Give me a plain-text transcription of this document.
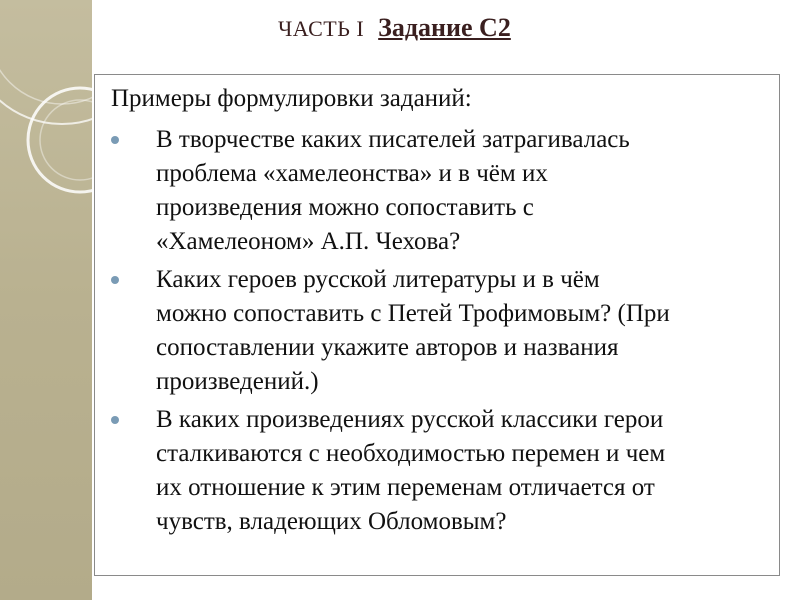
ЧАСТЬ I Задание С2
Примеры формулировки заданий:
В творчестве каких писателей затрагивалась
проблема «хамелеонства» и в чём их
произведения можно сопоставить с
«Хамелеоном» А.П. Чехова?
Каких героев русской литературы и в чём
можно сопоставить с Петей Трофимовым? (При
сопоставлении укажите авторов и названия
произведений.)
В каких произведениях русской классики герои
сталкиваются с необходимостью перемен и чем
их отношение к этим переменам отличается от
чувств, владеющих Обломовым?
